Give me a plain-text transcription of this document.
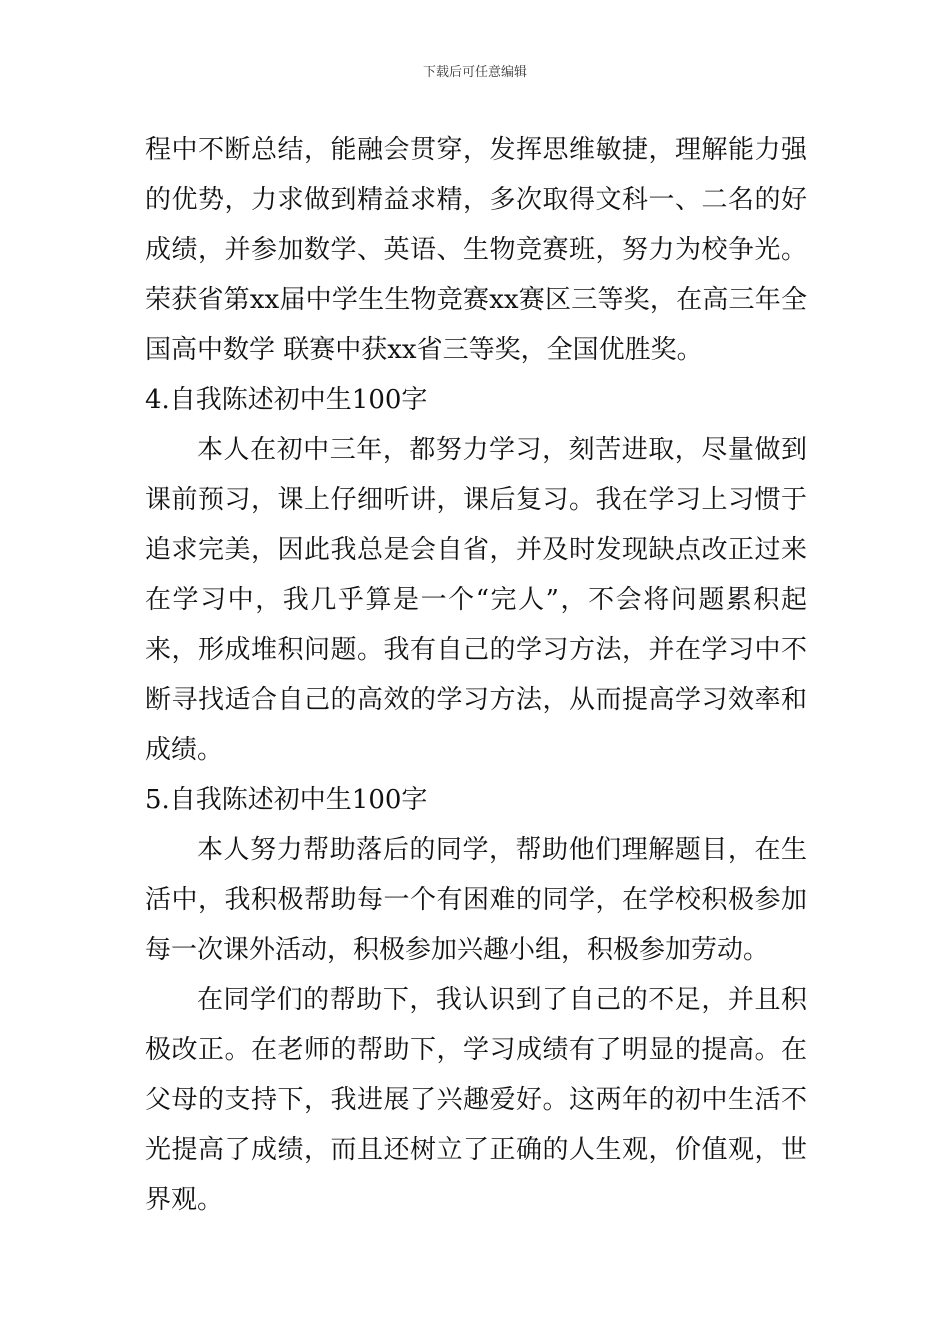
下载后可任意编辑

程中不断总结，能融会贯穿，发挥思维敏捷，理解能力强的优势，力求做到精益求精，多次取得文科一、二名的好成绩，并参加数学、英语、生物竞赛班，努力为校争光。荣获省第xx届中学生生物竞赛xx赛区三等奖，在高三年全国高中数学 联赛中获xx省三等奖，全国优胜奖。

4.自我陈述初中生100字

本人在初中三年，都努力学习，刻苦进取，尽量做到课前预习，课上仔细听讲，课后复习。我在学习上习惯于追求完美，因此我总是会自省，并及时发现缺点改正过来在学习中，我几乎算是一个“完人”，不会将问题累积起来，形成堆积问题。我有自己的学习方法，并在学习中不断寻找适合自己的高效的学习方法，从而提高学习效率和成绩。

5.自我陈述初中生100字

本人努力帮助落后的同学，帮助他们理解题目，在生活中，我积极帮助每一个有困难的同学，在学校积极参加每一次课外活动，积极参加兴趣小组，积极参加劳动。

在同学们的帮助下，我认识到了自己的不足，并且积极改正。在老师的帮助下，学习成绩有了明显的提高。在父母的支持下，我进展了兴趣爱好。这两年的初中生活不光提高了成绩，而且还树立了正确的人生观，价值观，世界观。
